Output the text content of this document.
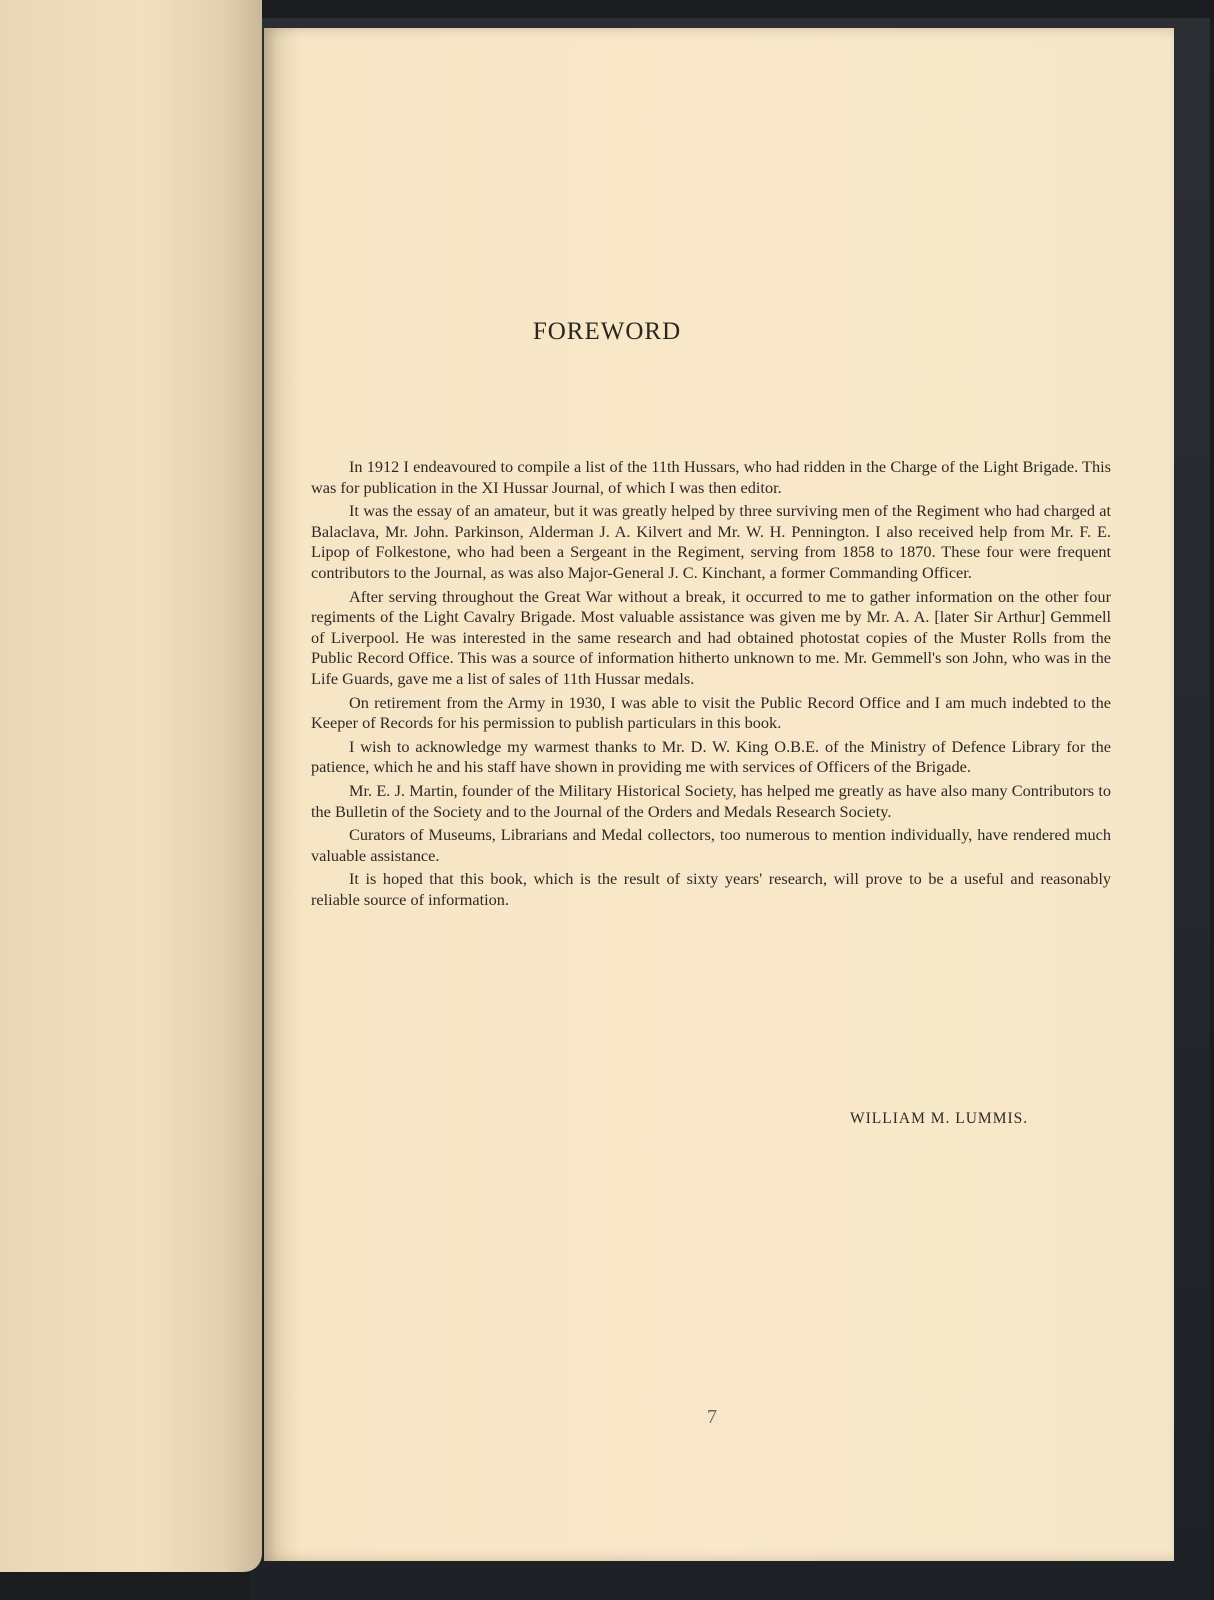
FOREWORD

In 1912 I endeavoured to compile a list of the 11th Hussars, who had ridden in the Charge of the Light Brigade. This was for publication in the XI Hussar Journal, of which I was then editor.

It was the essay of an amateur, but it was greatly helped by three surviving men of the Regiment who had charged at Balaclava, Mr. John. Parkinson, Alderman J. A. Kilvert and Mr. W. H. Pennington. I also received help from Mr. F. E. Lipop of Folkestone, who had been a Sergeant in the Regiment, serving from 1858 to 1870. These four were frequent contributors to the Journal, as was also Major-General J. C. Kinchant, a former Commanding Officer.

After serving throughout the Great War without a break, it occurred to me to gather information on the other four regiments of the Light Cavalry Brigade. Most valuable assistance was given me by Mr. A. A. [later Sir Arthur] Gemmell of Liverpool. He was interested in the same research and had obtained photostat copies of the Muster Rolls from the Public Record Office. This was a source of information hitherto unknown to me. Mr. Gemmell's son John, who was in the Life Guards, gave me a list of sales of 11th Hussar medals.

On retirement from the Army in 1930, I was able to visit the Public Record Office and I am much indebted to the Keeper of Records for his permission to publish particulars in this book.

I wish to acknowledge my warmest thanks to Mr. D. W. King O.B.E. of the Ministry of Defence Library for the patience, which he and his staff have shown in providing me with services of Officers of the Brigade.

Mr. E. J. Martin, founder of the Military Historical Society, has helped me greatly as have also many Contributors to the Bulletin of the Society and to the Journal of the Orders and Medals Research Society.

Curators of Museums, Librarians and Medal collectors, too numerous to mention individually, have rendered much valuable assistance.

It is hoped that this book, which is the result of sixty years' research, will prove to be a useful and reasonably reliable source of information.

WILLIAM M. LUMMIS.
7
